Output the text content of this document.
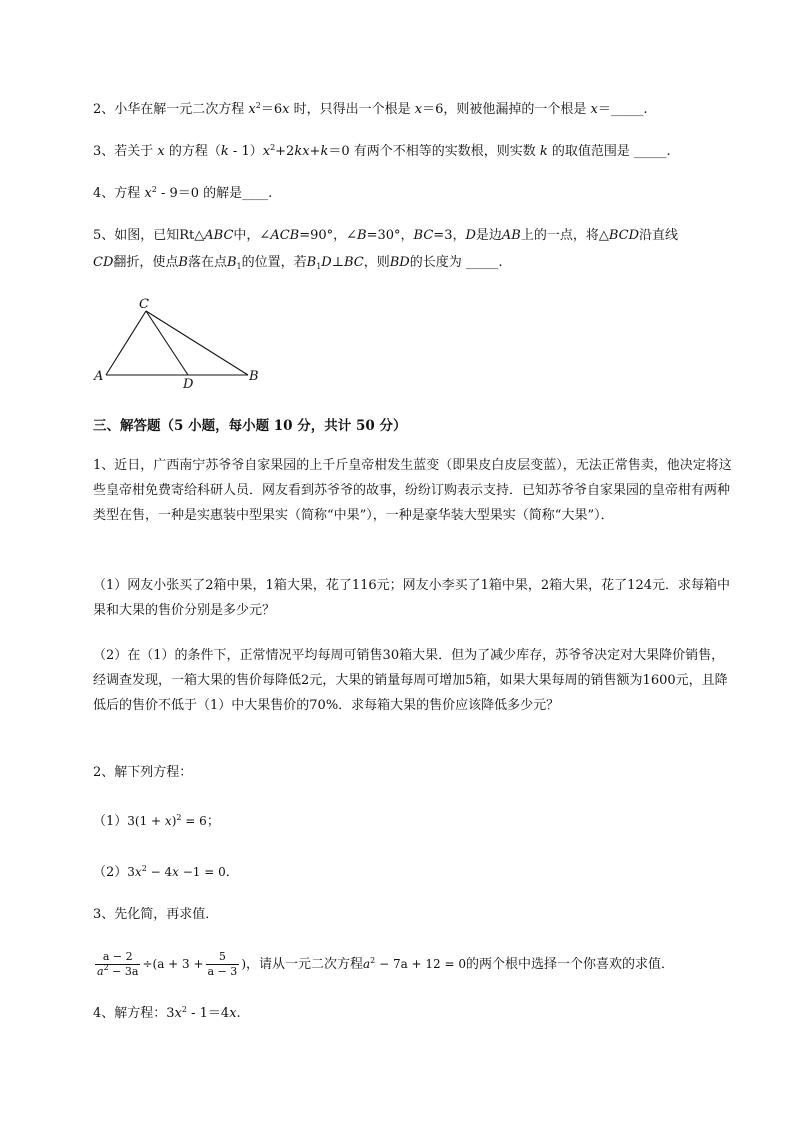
2、小华在解一元二次方程 $x^2=6x$ 时，只得出一个根是 x＝6，则被他漏掉的一个根是 x＝_____.
3、若关于 x 的方程$(k - 1)x^2+2kx+k=0$ 有两个不相等的实数根，则实数 k 的取值范围是 _____.
4、方程 $x^2 - 9=0$ 的解是____.
5、如图，已知Rt△ABC中，∠ACB=90°，∠B=30°，BC=3，D是边AB上的一点，将△BCD沿直线
CD翻折，使点B落在点$B_1$的位置，若$B_1D\perp BC$，则BD的长度为 _____.
C
A
D
B
三、解答题（5 小题，每小题 10 分，共计 50 分）
1、近日，广西南宁苏爷爷自家果园的上千斤皇帝柑发生蓝变（即果皮白皮层变蓝），无法正常售卖，他决定将这些皇帝柑免费寄给科研人员．网友看到苏爷爷的故事，纷纷订购表示支持．已知苏爷爷自家果园的皇帝柑有两种类型在售，一种是实惠装中型果实（简称“中果”），一种是豪华装大型果实（简称“大果”）．
（1）网友小张买了2箱中果，1箱大果，花了116元；网友小李买了1箱中果，2箱大果，花了124元．求每箱中果和大果的售价分别是多少元？
（2）在（1）的条件下，正常情况平均每周可销售30箱大果．但为了减少库存，苏爷爷决定对大果降价销售，经调查发现，一箱大果的售价每降低2元，大果的销量每周可增加5箱，如果大果每周的销售额为1600元，且降低后的售价不低于（1）中大果售价的70%．求每箱大果的售价应该降低多少元？
2、解下列方程：
$(1)3(1 + x)^2 = 6$；
$(2)3x^2 - 4x -1 = 0$．
3、先化简，再求值．
$\frac{a - 2}{a^2 - 3a} \div(a + 3 + \frac{5}{a - 3}$ )，请从一元二次方程$a^2 - 7a + 12 = 0$的两个根中选择一个你喜欢的求值．
4、解方程：$3x^2 - 1=4x$.
